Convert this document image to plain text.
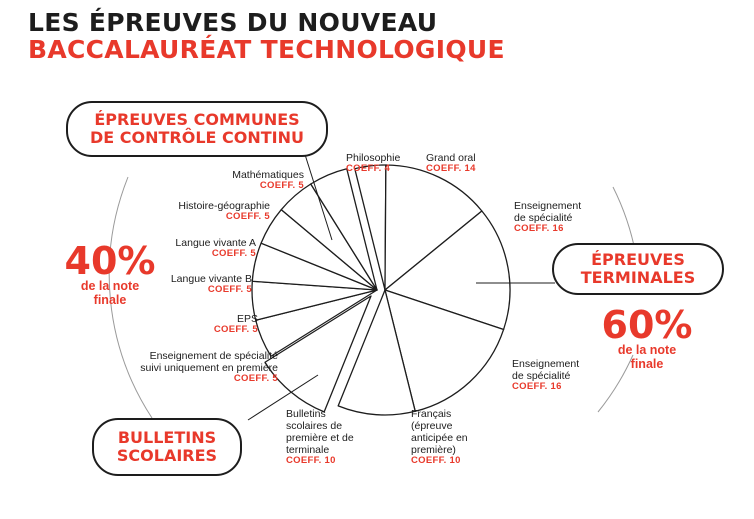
LES ÉPREUVES DU NOUVEAU
BACCALAURÉAT TECHNOLOGIQUE
ÉPREUVES COMMUNES
DE CONTRÔLE CONTINU
ÉPREUVES
TERMINALES
BULLETINS
SCOLAIRES
40%
de la note
finale
60%
de la note
finale
Philosophie
COEFF. 4
Grand oral
COEFF. 14
Enseignement de spécialité
COEFF. 16
Enseignement de spécialité
COEFF. 16
Français (épreuve anticipée en première)
COEFF. 10
Bulletins scolaires de première et de terminale
COEFF. 10
Enseignement de spécialité suivi uniquement en première
COEFF. 5
EPS
COEFF. 5
Langue vivante B
COEFF. 5
Langue vivante A
COEFF. 5
Histoire-géographie
COEFF. 5
Mathématiques
COEFF. 5
